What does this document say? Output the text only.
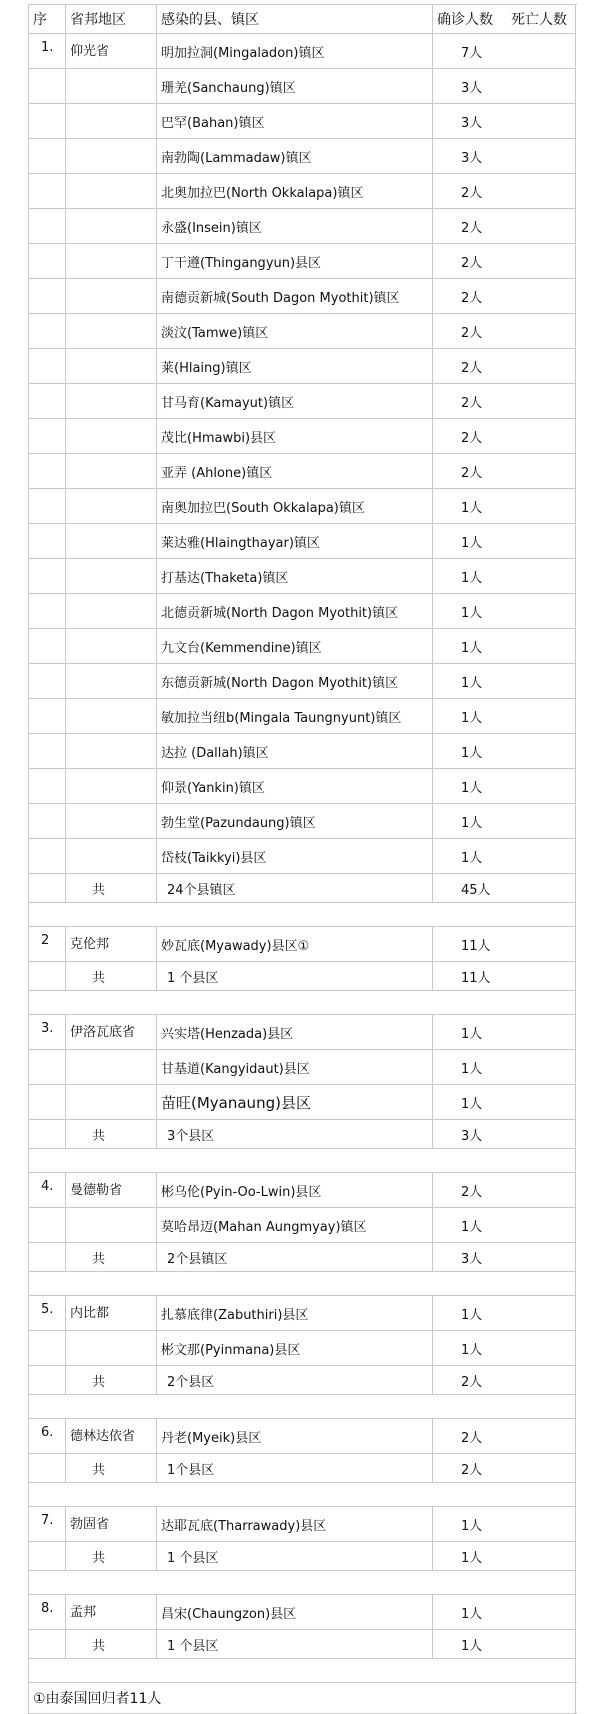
序	省邦地区	感染的县、镇区	确诊人数 死亡人数	
1.	仰光省	明加拉洞(Mingaladon)镇区	7人	
		珊羌(Sanchaung)镇区	3人	
		巴罕(Bahan)镇区	3人	
		南勃陶(Lammadaw)镇区	3人	
		北奥加拉巴(North Okkalapa)镇区	2人	
		永盛(Insein)镇区	2人	
		丁干遵(Thingangyun)县区	2人	
		南德贡新城(South Dagon Myothit)镇区	2人	
		淡汶(Tamwe)镇区	2人	
		莱(Hlaing)镇区	2人	
		甘马育(Kamayut)镇区	2人	
		茂比(Hmawbi)县区	2人	
		亚弄 (Ahlone)镇区	2人	
		南奥加拉巴(South Okkalapa)镇区	1人	
		莱达雅(Hlaingthayar)镇区	1人	
		打基达(Thaketa)镇区	1人	
		北德贡新城(North Dagon Myothit)镇区	1人	
		九文台(Kemmendine)镇区	1人	
		东德贡新城(North Dagon Myothit)镇区	1人	
		敏加拉当纽b(Mingala Taungnyunt)镇区	1人	
		达拉 (Dallah)镇区	1人	
		仰景(Yankin)镇区	1人	
		勃生堂(Pazundaung)镇区	1人	
		岱枝(Taikkyi)县区	1人	
	共	24个县镇区	45人	

2	克伦邦	妙瓦底(Myawady)县区①	11人	
	共	1 个县区	11人	

3.	伊洛瓦底省	兴实塔(Henzada)县区	1人	
		甘基道(Kangyidaut)县区	1人	
		苗旺(Myanaung)县区	1人	
	共	3个县区	3人	

4.	曼德勒省	彬乌伦(Pyin-Oo-Lwin)县区	2人	
		莫哈昂迈(Mahan Aungmyay)镇区	1人	
	共	2个县镇区	3人	

5.	内比都	扎慕底律(Zabuthiri)县区	1人	
		彬文那(Pyinmana)县区	1人	
	共	2个县区	2人	

6.	德林达依省	丹老(Myeik)县区	2人	
	共	1个县区	2人	

7.	勃固省	达耶瓦底(Tharrawady)县区	1人	
	共	1 个县区	1人	

8.	孟邦	昌宋(Chaungzon)县区	1人	
	共	1 个县区	1人	

①由泰国回归者11人				
